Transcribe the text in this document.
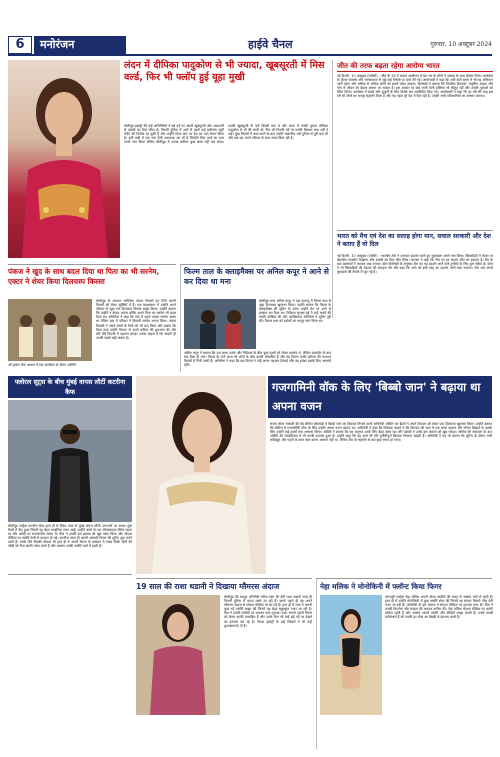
6	मनोरंजन	हाईवे चैनल	गुरुवार, 10 अक्टूबर 2024
लंदन में दीपिका पादुकोण से भी ज्यादा, खूबसूरती में मिस वर्ल्ड, फिर भी फ्लॉप हुई यूहा मुखी
बॉलीवुड इंडस्ट्री की कई अभिनेत्रियों ने बड़े पर्दे पर अपनी खूबसूरती और अदाकारी से दर्शकों का दिल जीता है। फिल्मी दुनिया में आने से पहले कई हसीनाएं ब्यूटी पेजेंट की विजेता रह चुकी हैं और उन्होंने विश्व स्तर पर देश का नाम रोशन किया है। इसी कड़ी में एक नाम ऐसी अदाकारा का भी है जिन्होंने मिस वर्ल्ड का ताज अपने नाम किया लेकिन बॉलीवुड में उनका करियर कुछ खास नहीं चल सका। उनकी खूबसूरती के चर्चे विदेशों तक थे और लंदन में उनकी तुलना दीपिका पादुकोण से भी की जाती थी, फिर भी फिल्मी पर्दे पर उनकी किस्मत साथ नहीं दे पाई। कुछ फिल्मों में काम करने के बाद उन्होंने चकाचौंध भरी दुनिया से दूरी बना ली और अब वह अपने परिवार के साथ समय बिता रही हैं।
जीत की तरफ बढ़ता रहेगा आरोग्य भारत
नई दिल्ली, 10 अक्टूबर (एजेंसी) : जीत के 18 वें सफल आयोजन में देश भर के लोगों ने उत्साह के साथ हिस्सा लिया। कार्यक्रम के दौरान स्वास्थ्य और जागरूकता से जुड़े कई विषयों पर चर्चा की गई। आयोजकों ने कहा कि आने वाले समय में भी यह अभियान जारी रहेगा और अधिक से अधिक लोगों को इससे जोड़ा जाएगा। विशेषज्ञों ने बताया कि नियमित दिनचर्या, संतुलित आहार और योग से जीवन को बेहतर बनाया जा सकता है। इस अवसर पर कई जानी मानी हस्तियां भी मौजूद रहीं और उन्होंने युवाओं को प्रेरित किया। कार्यक्रम में बच्चों और बुजुर्गों के लिए विशेष सत्र आयोजित किए गए। आयोजकों ने कहा कि हर वर्ष की तरह इस वर्ष भी लोगों का भरपूर सहयोग मिला है और यह पहल पूरे देश में फैल रही है। उन्होंने सभी प्रतिभागियों का आभार जताया।
भारत को मैच एवं देश का सलाह होगा मान, सवाल सरकारी और देश ने बताए हैं वो दिल
नई दिल्ली, 10 अक्टूबर (एजेंसी) : भारतीय टीम ने शानदार प्रदर्शन करते हुए मुकाबला अपने नाम किया। खिलाड़ियों ने मैदान पर बेहतरीन तालमेल दिखाया और दर्शकों का दिल जीत लिया। कप्तान ने कहा कि टीम का हर सदस्य जीत का हकदार है। मैच के बाद प्रशंसकों ने जमकर जश्न मनाया। खेल विशेषज्ञों के अनुसार टीम का यह प्रदर्शन आने वाले टूर्नामेंट के लिए शुभ संकेत है। कोच ने भी खिलाड़ियों की मेहनत की सराहना की और कहा कि आगे भी इसी तरह का प्रदर्शन जारी रखा जाएगा। टीम अब अगले मुकाबले की तैयारी में जुट गई है।
पंकज ने खुद के साथ बदल दिया था पिता का भी सरनेम, एक्टर ने शेयर किया दिलचस्प किस्सा
बॉलीवुड के शानदार अभिनेता पंकज त्रिपाठी इन दिनों अपनी फिल्मों को लेकर सुर्खियों में हैं। एक साक्षात्कार में उन्होंने अपने परिवार से जुड़ा एक दिलचस्प किस्सा साझा किया। उन्होंने बताया कि उन्होंने न केवल अपना बल्कि अपने पिता का सरनेम भी बदल दिया था। अभिनेता ने कहा कि गांव में पहले उनका सरनेम अलग था लेकिन बाद में परिवार ने त्रिपाठी सरनेम अपना लिया। पंकज त्रिपाठी ने अपने संघर्ष के दिनों को भी याद किया और बताया कि किस तरह उन्होंने थिएटर से अपने करियर की शुरुआत की और धीरे धीरे फिल्मों में पहचान बनाई। उनका कहना है कि सादगी ही उनकी सबसे बड़ी ताकत है।
श्री कृष्णा सेवा आश्रम में एक कार्यक्रम के दौरान अतिथि
फिल्म ताल के क्लाइमैक्स पर अनिल कपूर ने आने से कर दिया था मना
बॉलीवुड स्टार अनिल कपूर ने एक इंटरव्यू में फिल्म ताल से जुड़ा दिलचस्प खुलासा किया। उन्होंने बताया कि फिल्म के क्लाइमैक्स की शूटिंग के समय उन्होंने सेट पर आने से इनकार कर दिया था। निर्देशक सुभाष घई ने उन्हें मनाने की काफी कोशिश की और आखिरकार अभिनेता ने शूटिंग पूरी की। फिल्म ताल को दर्शकों का भरपूर प्यार मिला था।
अनिल कपूर ने बताया कि उस समय उनके और निर्देशक के बीच कुछ दृश्यों को लेकर मतभेद थे, लेकिन बातचीत के बाद सब ठीक हो गया। फिल्म के गाने आज भी लोगों के बीच काफी लोकप्रिय हैं और यह फिल्म उनके करियर की यादगार फिल्मों में गिनी जाती है। अभिनेता ने कहा कि इस फिल्म ने उन्हें अलग पहचान दिलाई और वह हमेशा इसके लिए आभारी रहेंगे।
फ्लोरल सूट्स के बीच मुंबई वापस लौटीं कटरीना कैफ
बॉलीवुड एक्ट्रेस कटरीना कैफ हाल ही में विदेश यात्रा से मुंबई वापस लौटीं। एयरपोर्ट पर उनका लुक कैमरे में कैद हुआ जिसमें वह बेहद स्टाइलिश नजर आईं। उन्होंने काले रंग का ओवरसाइज जैकेट पहना था और आंखों पर सनग्लासेस लगाए थे। फैंस ने उनकी इस झलक को खूब पसंद किया और सोशल मीडिया पर तस्वीरें तेजी से वायरल हो गईं। कटरीना जल्द ही अपनी आगामी फिल्म की शूटिंग शुरू करने वाली हैं। उनके पति विक्की कौशल भी हाल ही में अपनी फिल्म के प्रमोशन में व्यस्त दिखे। दोनों की जोड़ी को फैंस काफी पसंद करते हैं और अक्सर उनकी तस्वीरें चर्चा में रहती हैं।
गजगामिनी वॉक के लिए 'बिब्बो जान' ने बढ़ाया था अपना वजन
संजय लीला भंसाली की वेब सीरीज हीरामंडी में बिब्बो जान का किरदार निभाने वाली अभिनेत्री अदिति राव हैदरी ने अपने किरदार को लेकर एक दिलचस्प खुलासा किया। उन्होंने बताया कि सीरीज में गजगामिनी वॉक के लिए उन्होंने अपना वजन बढ़ाया था। अभिनेत्री ने कहा कि निर्देशक चाहते थे कि किरदार की चाल में एक खास ठहराव और गरिमा दिखाई दे। इसके लिए उन्होंने कई हफ्तों तक अभ्यास किया। अदिति ने बताया कि यह अनुभव उनके लिए बेहद खास रहा और दर्शकों ने उनके इस अंदाज को खूब सराहा। सीरीज की सफलता के बाद अदिति की लोकप्रियता में भी काफी इजाफा हुआ है। उन्होंने कहा कि वह आगे भी ऐसे चुनौतीपूर्ण किरदार निभाना चाहती हैं। अभिनेत्री ने यह भी बताया कि शूटिंग के दौरान भारी कॉस्ट्यूम और गहनों के साथ काम करना आसान नहीं था, लेकिन टीम के सहयोग से सब कुछ संभव हो पाया।
19 साल की राशा थडानी ने दिखाया ग्लैमरस अंदाज
बॉलीवुड की मशहूर अभिनेत्री रवीना टंडन की बेटी राशा थडानी जल्द ही फिल्मी दुनिया में कदम रखने जा रही हैं। इससे पहले ही वह अपने ग्लैमरस अंदाज से सोशल मीडिया पर छा गई हैं। हाल ही में राशा ने अपनी कुछ नई तस्वीरें साझा की जिनमें वह बेहद खूबसूरत नजर आ रही हैं। फैंस ने उनकी तस्वीरों पर जमकर प्यार लुटाया। राशा अपनी पहली फिल्म को लेकर काफी उत्साहित हैं और उनके फैंस भी उन्हें बड़े पर्दे पर देखने का इंतजार कर रहे हैं। फिल्म इंडस्ट्री के कई सितारों ने भी उन्हें शुभकामनाएं दी हैं।
नेहा मलिक ने मोनोकिनी में फ्लॉन्ट किया फिगर
भोजपुरी एक्ट्रेस नेहा मलिक अपनी बोल्ड तस्वीरों की वजह से अक्सर चर्चा में रहती हैं। हाल ही में उन्होंने मोनोकिनी में कुछ तस्वीरें शेयर की जिनमें वह समंदर किनारे पोज देती नजर आ रही हैं। अभिनेत्री के इस अंदाज ने सोशल मीडिया पर हलचल मचा दी। फैंस ने उनकी फिटनेस और स्टाइल की जमकर तारीफ की। नेहा मलिक सोशल मीडिया पर काफी सक्रिय रहती हैं और अक्सर अपनी तस्वीरें और वीडियो साझा करती हैं। उनके लाखों फॉलोअर्स हैं जो उनकी हर पोस्ट का बेसब्री से इंतजार करते हैं।
